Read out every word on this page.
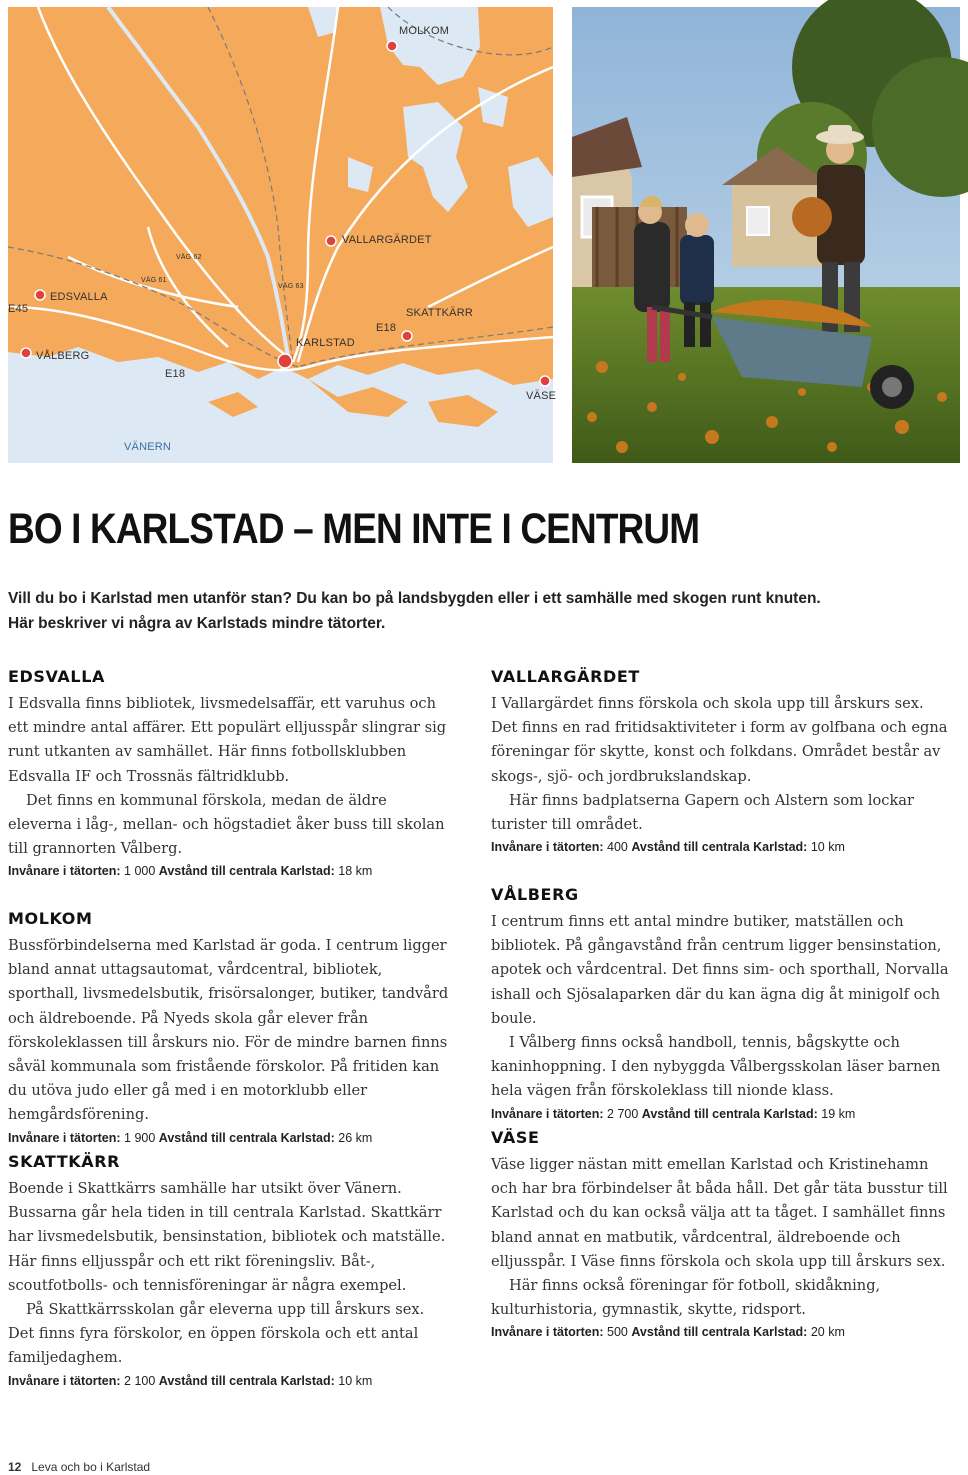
MOLKOM
VALLARGÄRDET
VÄG 62
VÄG 61
VÄG 63
E45
EDSVALLA
E18
SKATTKÄRR
KARLSTAD
VÅLBERG
E18
VÄSE
VÄNERN
BO I KARLSTAD – MEN INTE I CENTRUM
Vill du bo i Karlstad men utanför stan? Du kan bo på landsbygden eller i ett samhälle med skogen runt knuten.
Här beskriver vi några av Karlstads mindre tätorter.
EDSVALLA

I Edsvalla finns bibliotek, livsmedelsaffär, ett varuhus och ett mindre antal affärer. Ett populärt elljusspår slingrar sig runt utkanten av samhället. Här finns fotbollsklubben Edsvalla IF och Trossnäs fältridklubb.

Det finns en kommunal förskola, medan de äldre eleverna i låg-, mellan- och högstadiet åker buss till skolan till grannorten Vålberg.

Invånare i tätorten: 1 000 Avstånd till centrala Karlstad: 18 km
MOLKOM

Bussförbindelserna med Karlstad är goda. I centrum ligger bland annat uttagsautomat, vårdcentral, bibliotek, sporthall, livsmedelsbutik, frisörsalonger, butiker, tandvård och äldreboende. På Nyeds skola går elever från förskoleklassen till årskurs nio. För de mindre barnen finns såväl kommunala som fristående förskolor. På fritiden kan du utöva judo eller gå med i en motorklubb eller hemgårdsförening.

Invånare i tätorten: 1 900 Avstånd till centrala Karlstad: 26 km
SKATTKÄRR

Boende i Skattkärrs samhälle har utsikt över Vänern. Bussarna går hela tiden in till centrala Karlstad. Skattkärr har livsmedelsbutik, bensinstation, bibliotek och matställe. Här finns elljusspår och ett rikt föreningsliv. Båt-, scoutfotbolls- och tennisföreningar är några exempel.

På Skattkärrsskolan går eleverna upp till årskurs sex. Det finns fyra förskolor, en öppen förskola och ett antal familjedaghem.

Invånare i tätorten: 2 100 Avstånd till centrala Karlstad: 10 km
VALLARGÄRDET

I Vallargärdet finns förskola och skola upp till årskurs sex. Det finns en rad fritidsaktiviteter i form av golfbana och egna föreningar för skytte, konst och folkdans. Området består av skogs-, sjö- och jordbrukslandskap.

Här finns badplatserna Gapern och Alstern som lockar turister till området.

Invånare i tätorten: 400 Avstånd till centrala Karlstad: 10 km
VÅLBERG

I centrum finns ett antal mindre butiker, matställen och bibliotek. På gångavstånd från centrum ligger bensinstation, apotek och vårdcentral. Det finns sim- och sporthall, Norvalla ishall och Sjösalaparken där du kan ägna dig åt minigolf och boule.

I Vålberg finns också handboll, tennis, bågskytte och kaninhoppning. I den nybyggda Vålbergsskolan läser barnen hela vägen från förskoleklass till nionde klass.

Invånare i tätorten: 2 700 Avstånd till centrala Karlstad: 19 km
VÄSE

Väse ligger nästan mitt emellan Karlstad och Kristinehamn och har bra förbindelser åt båda håll. Det går täta busstur till Karlstad och du kan också välja att ta tåget. I samhället finns bland annat en matbutik, vårdcentral, äldreboende och elljusspår. I Väse finns förskola och skola upp till årskurs sex.

Här finns också föreningar för fotboll, skidåkning, kulturhistoria, gymnastik, skytte, ridsport.

Invånare i tätorten: 500 Avstånd till centrala Karlstad: 20 km
12 Leva och bo i Karlstad
